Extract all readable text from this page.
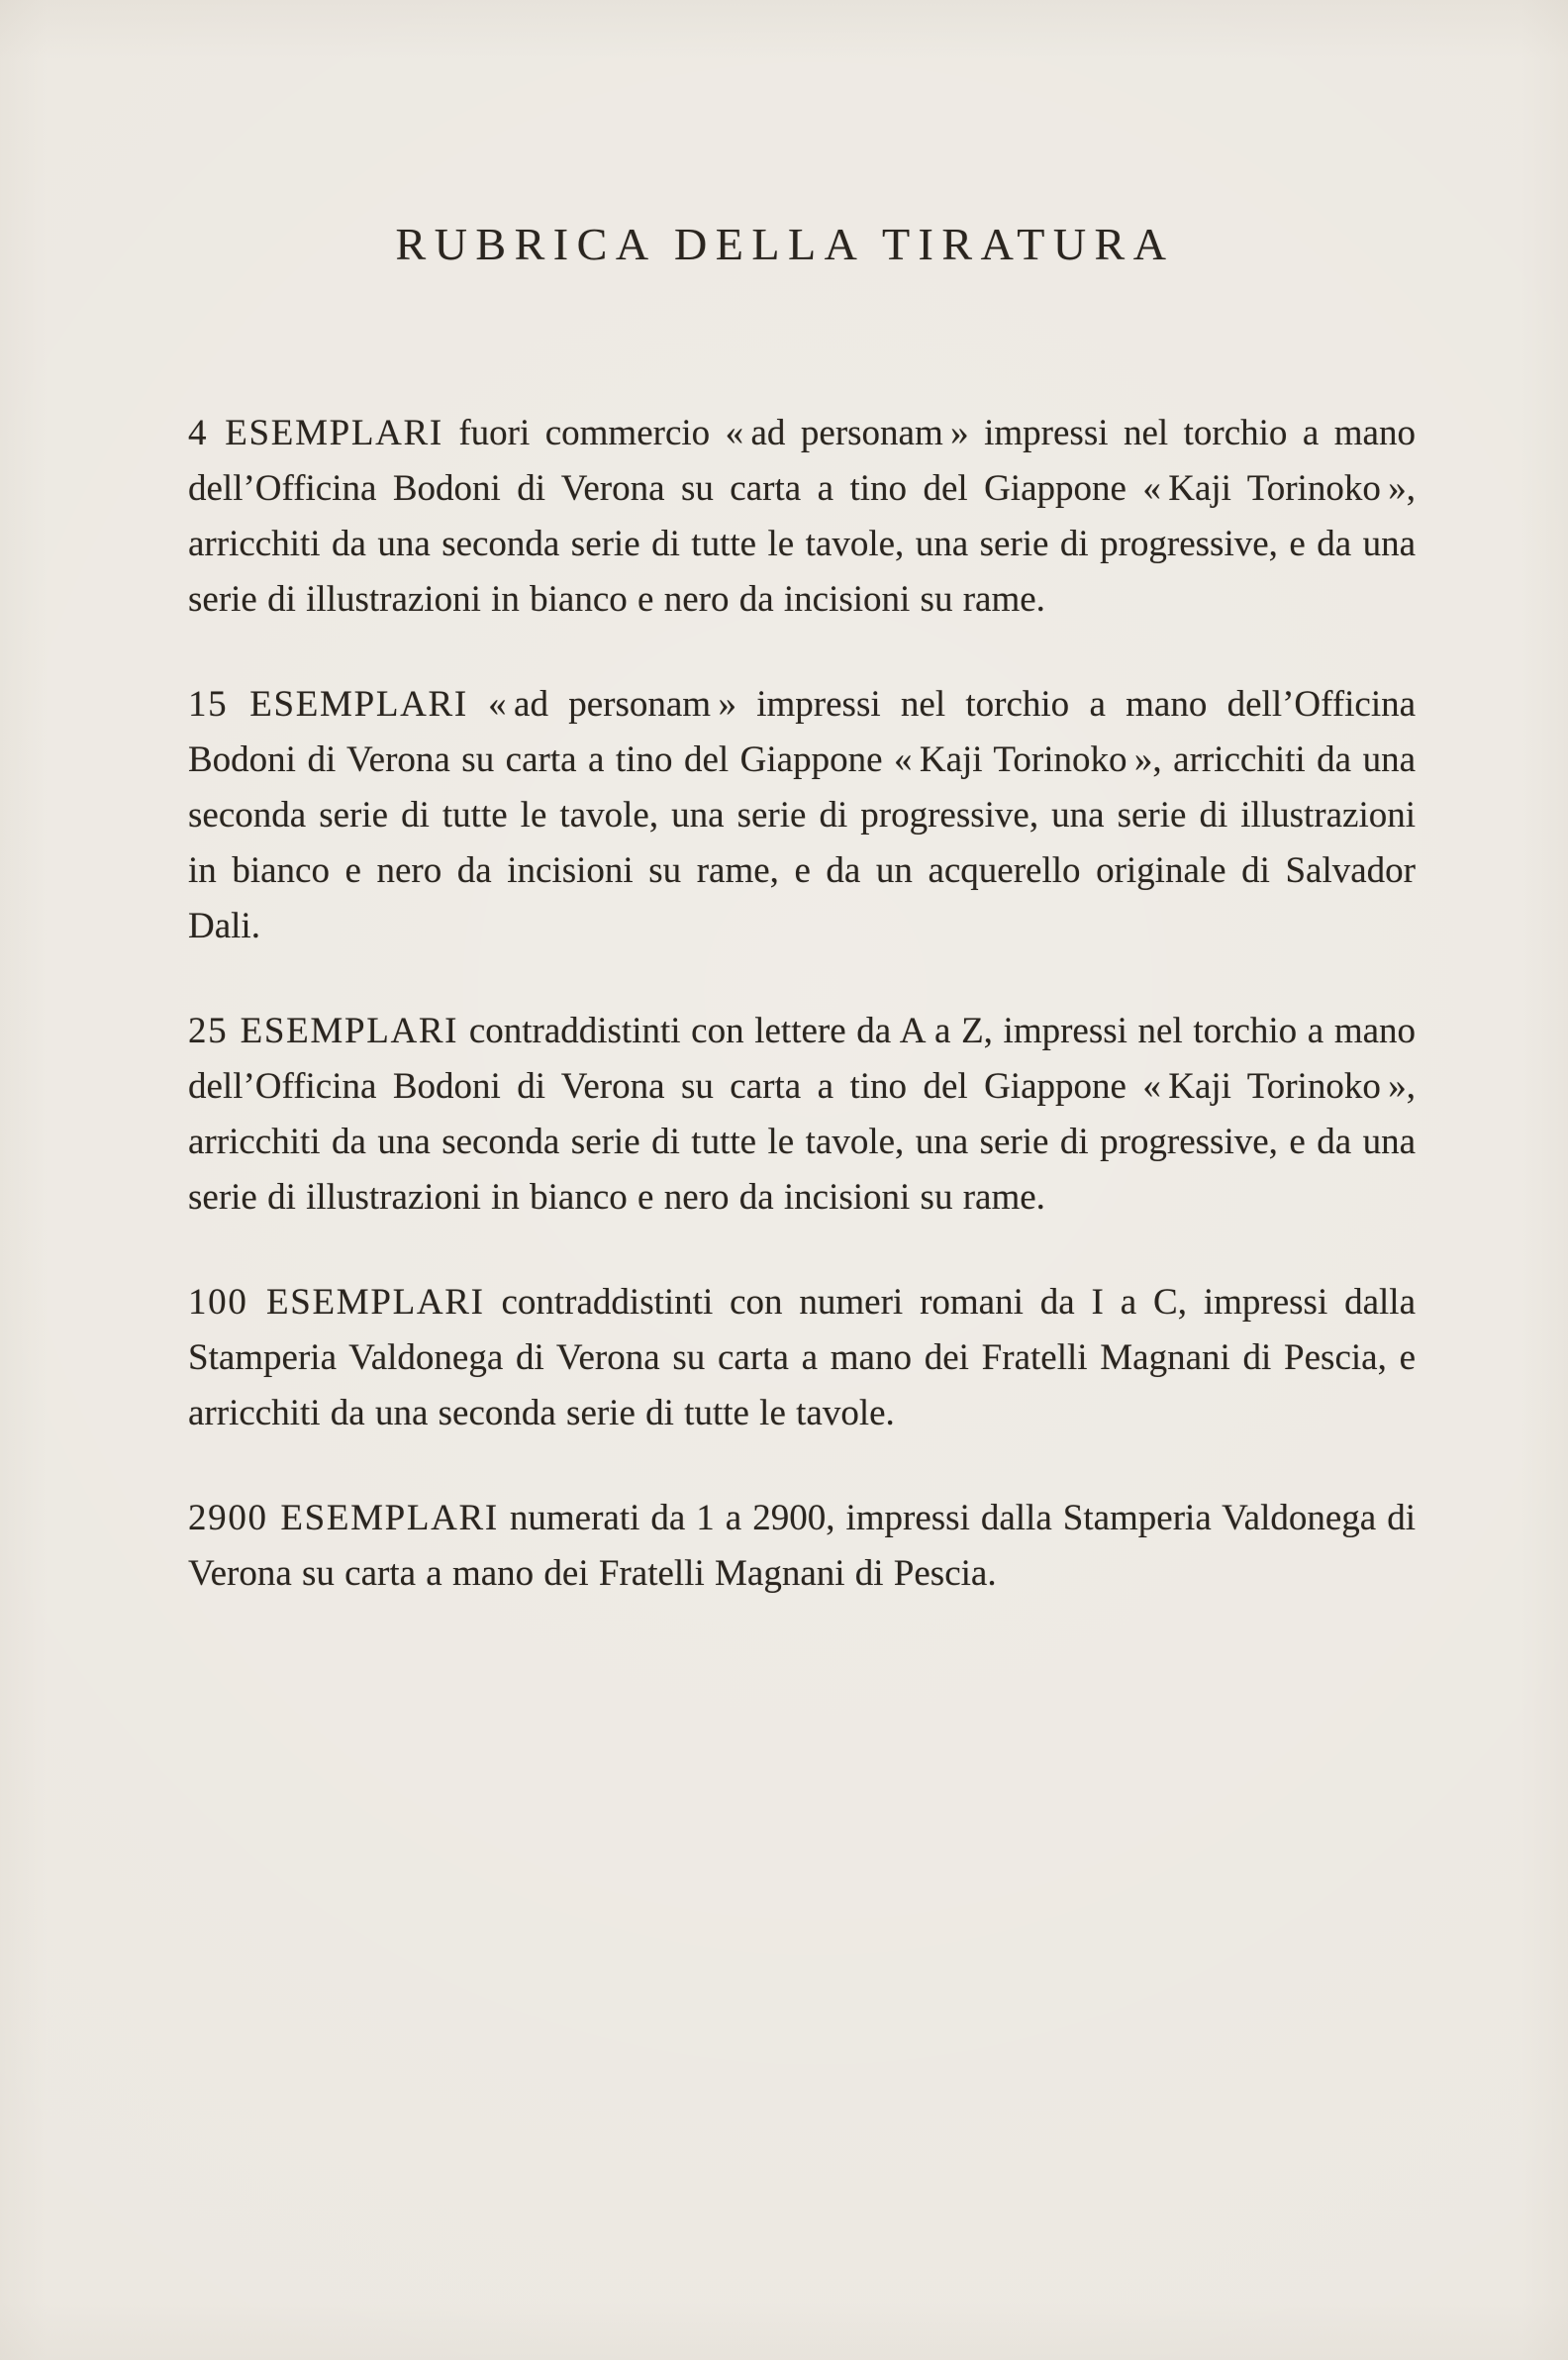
RUBRICA DELLA TIRATURA

4 ESEMPLARI fuori commercio « ad personam » impressi nel torchio a mano dell’Officina Bodoni di Verona su carta a tino del Giappone « Kaji Torinoko », arricchiti da una seconda serie di tutte le tavole, una serie di progressive, e da una serie di illustrazioni in bianco e nero da incisioni su rame.

15 ESEMPLARI « ad personam » impressi nel torchio a mano dell’Officina Bodoni di Verona su carta a tino del Giappone « Kaji Torinoko », arricchiti da una seconda serie di tutte le tavole, una serie di progressive, una serie di illustrazioni in bianco e nero da incisioni su rame, e da un acquerello originale di Salvador Dali.

25 ESEMPLARI contraddistinti con lettere da A a Z, impressi nel torchio a mano dell’Officina Bodoni di Verona su carta a tino del Giappone « Kaji Torinoko », arricchiti da una seconda serie di tutte le tavole, una serie di progressive, e da una serie di illustrazioni in bianco e nero da incisioni su rame.

100 ESEMPLARI contraddistinti con numeri romani da I a C, impressi dalla Stamperia Valdonega di Verona su carta a mano dei Fratelli Magnani di Pescia, e arricchiti da una seconda serie di tutte le tavole.

2900 ESEMPLARI numerati da 1 a 2900, impressi dalla Stamperia Valdonega di Verona su carta a mano dei Fratelli Magnani di Pescia.
